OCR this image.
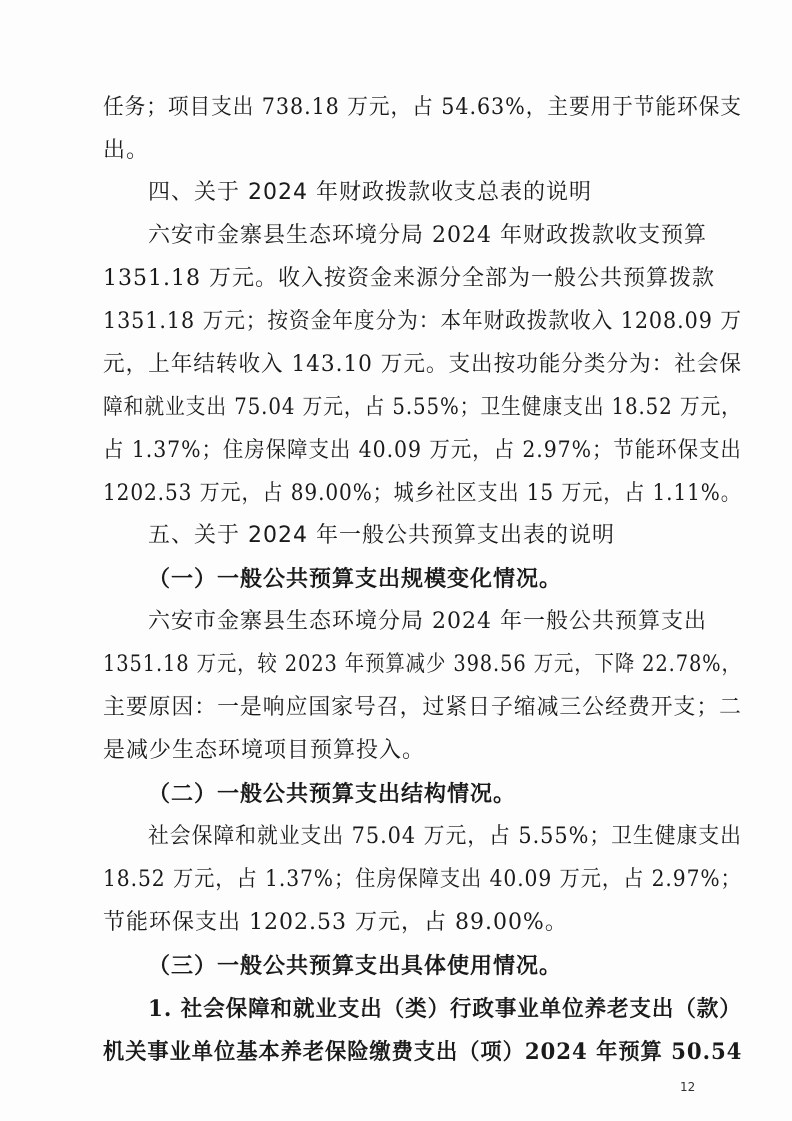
任务；项目支出 738.18 万元，占 54.63%，主要用于节能环保支
出。
四、关于 2024 年财政拨款收支总表的说明
六安市金寨县生态环境分局 2024 年财政拨款收支预算
1351.18 万元。收入按资金来源分全部为一般公共预算拨款
1351.18 万元；按资金年度分为：本年财政拨款收入 1208.09 万
元，上年结转收入 143.10 万元。支出按功能分类分为：社会保
障和就业支出 75.04 万元，占 5.55%；卫生健康支出 18.52 万元，
占 1.37%；住房保障支出 40.09 万元，占 2.97%；节能环保支出
1202.53 万元，占 89.00%；城乡社区支出 15 万元，占 1.11%。
五、关于 2024 年一般公共预算支出表的说明
（一）一般公共预算支出规模变化情况。
六安市金寨县生态环境分局 2024 年一般公共预算支出
1351.18 万元，较 2023 年预算减少 398.56 万元，下降 22.78%，
主要原因：一是响应国家号召，过紧日子缩减三公经费开支；二
是减少生态环境项目预算投入。
（二）一般公共预算支出结构情况。
社会保障和就业支出 75.04 万元，占 5.55%；卫生健康支出
18.52 万元，占 1.37%；住房保障支出 40.09 万元，占 2.97%；
节能环保支出 1202.53 万元，占 89.00%。
（三）一般公共预算支出具体使用情况。
1. 社会保障和就业支出（类）行政事业单位养老支出（款）
机关事业单位基本养老保险缴费支出（项）2024 年预算 50.54
12
